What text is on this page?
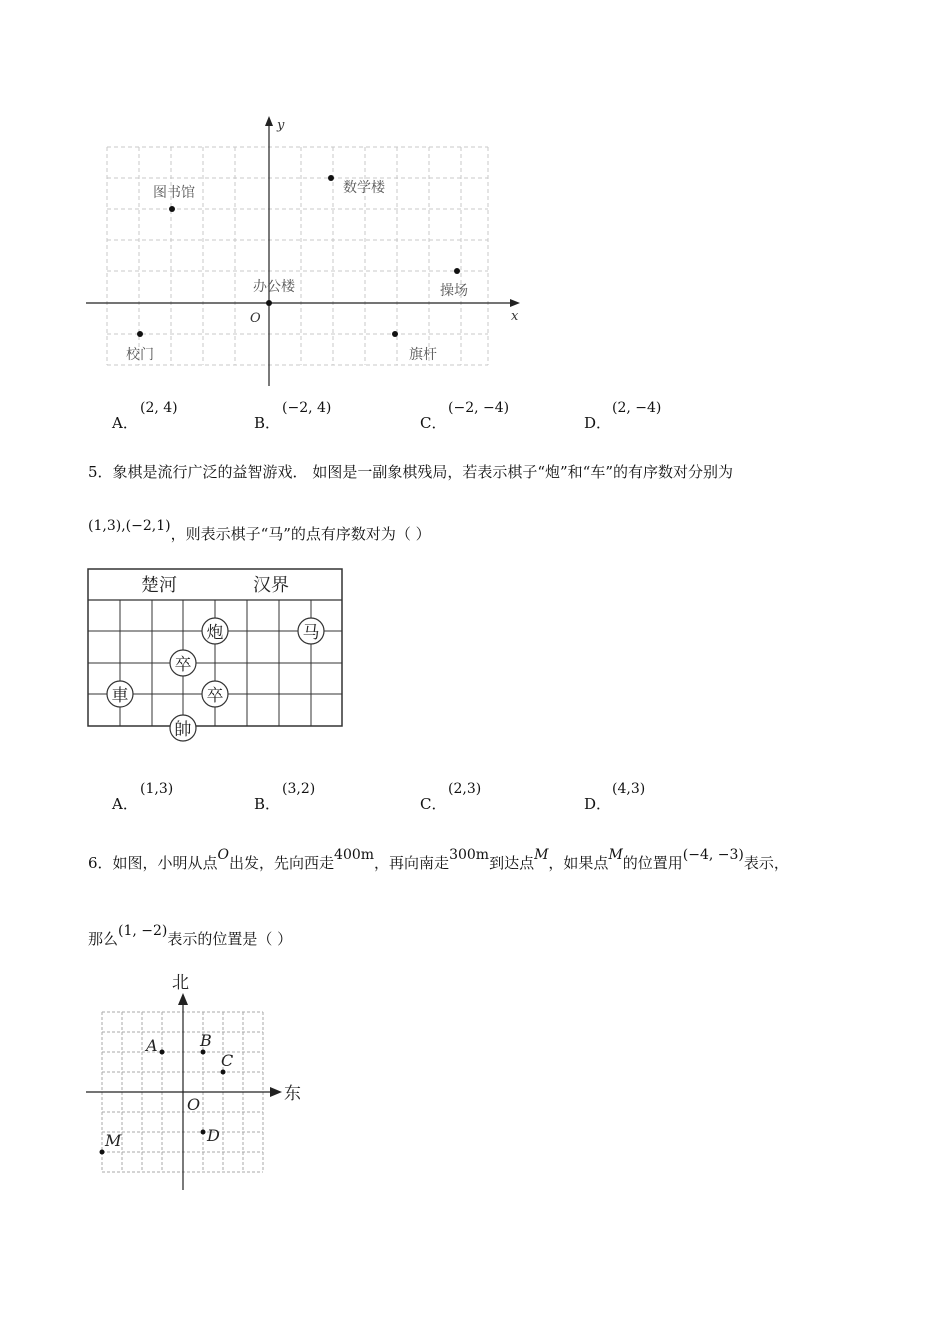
x
y
O
图书馆	数学楼
办公楼	操场
校门	旗杆
A．
(2, 4)
B．
(−2, 4)
C．
(−2, −4)
D．
(2, −4)
5．象棋是流行广泛的益智游戏． 如图是一副象棋残局，若表示棋子“炮”和“车”的有序数对分别为
(1,3),(−2,1)，则表示棋子“马”的点有序数对为（ ）
楚河	汉界
炮	马
卒
車	卒
帥
A．
(1,3)
B．
(3,2)
C．
(2,3)
D．
(4,3)
6．如图，小明从点O出发，先向西走400m，再向南走300m到达点M，如果点M的位置用(−4, −3)表示，
那么(1, −2)表示的位置是（ ）
北
东
O
A	B
C
D
M
